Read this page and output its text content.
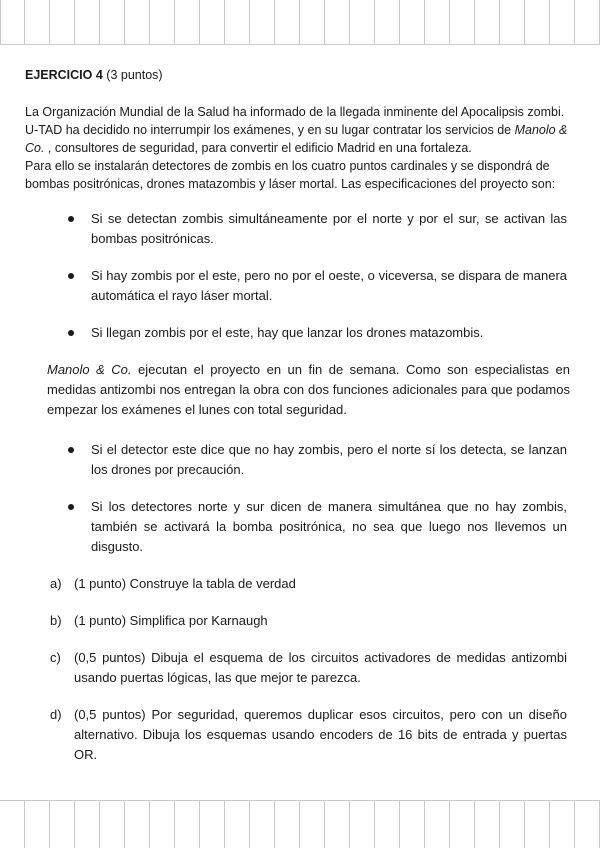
EJERCICIO 4 (3 puntos)

La Organización Mundial de la Salud ha informado de la llegada inminente del Apocalipsis zombi. U-TAD ha decidido no interrumpir los exámenes, y en su lugar contratar los servicios de Manolo & Co. , consultores de seguridad, para convertir el edificio Madrid en una fortaleza.

Para ello se instalarán detectores de zombis en los cuatro puntos cardinales y se dispondrá de bombas positrónicas, drones matazombis y láser mortal. Las especificaciones del proyecto son:

Si se detectan zombis simultáneamente por el norte y por el sur, se activan las bombas positrónicas.
Si hay zombis por el este, pero no por el oeste, o viceversa, se dispara de manera automática el rayo láser mortal.
Si llegan zombis por el este, hay que lanzar los drones matazombis.

Manolo & Co. ejecutan el proyecto en un fin de semana. Como son especialistas en medidas antizombi nos entregan la obra con dos funciones adicionales para que podamos empezar los exámenes el lunes con total seguridad.

Si el detector este dice que no hay zombis, pero el norte sí los detecta, se lanzan los drones por precaución.
Si los detectores norte y sur dicen de manera simultánea que no hay zombis, también se activará la bomba positrónica, no sea que luego nos llevemos un disgusto.

a) (1 punto) Construye la tabla de verdad

b) (1 punto) Simplifica por Karnaugh

c) (0,5 puntos) Dibuja el esquema de los circuitos activadores de medidas antizombi usando puertas lógicas, las que mejor te parezca.

d) (0,5 puntos) Por seguridad, queremos duplicar esos circuitos, pero con un diseño alternativo. Dibuja los esquemas usando encoders de 16 bits de entrada y puertas OR.
